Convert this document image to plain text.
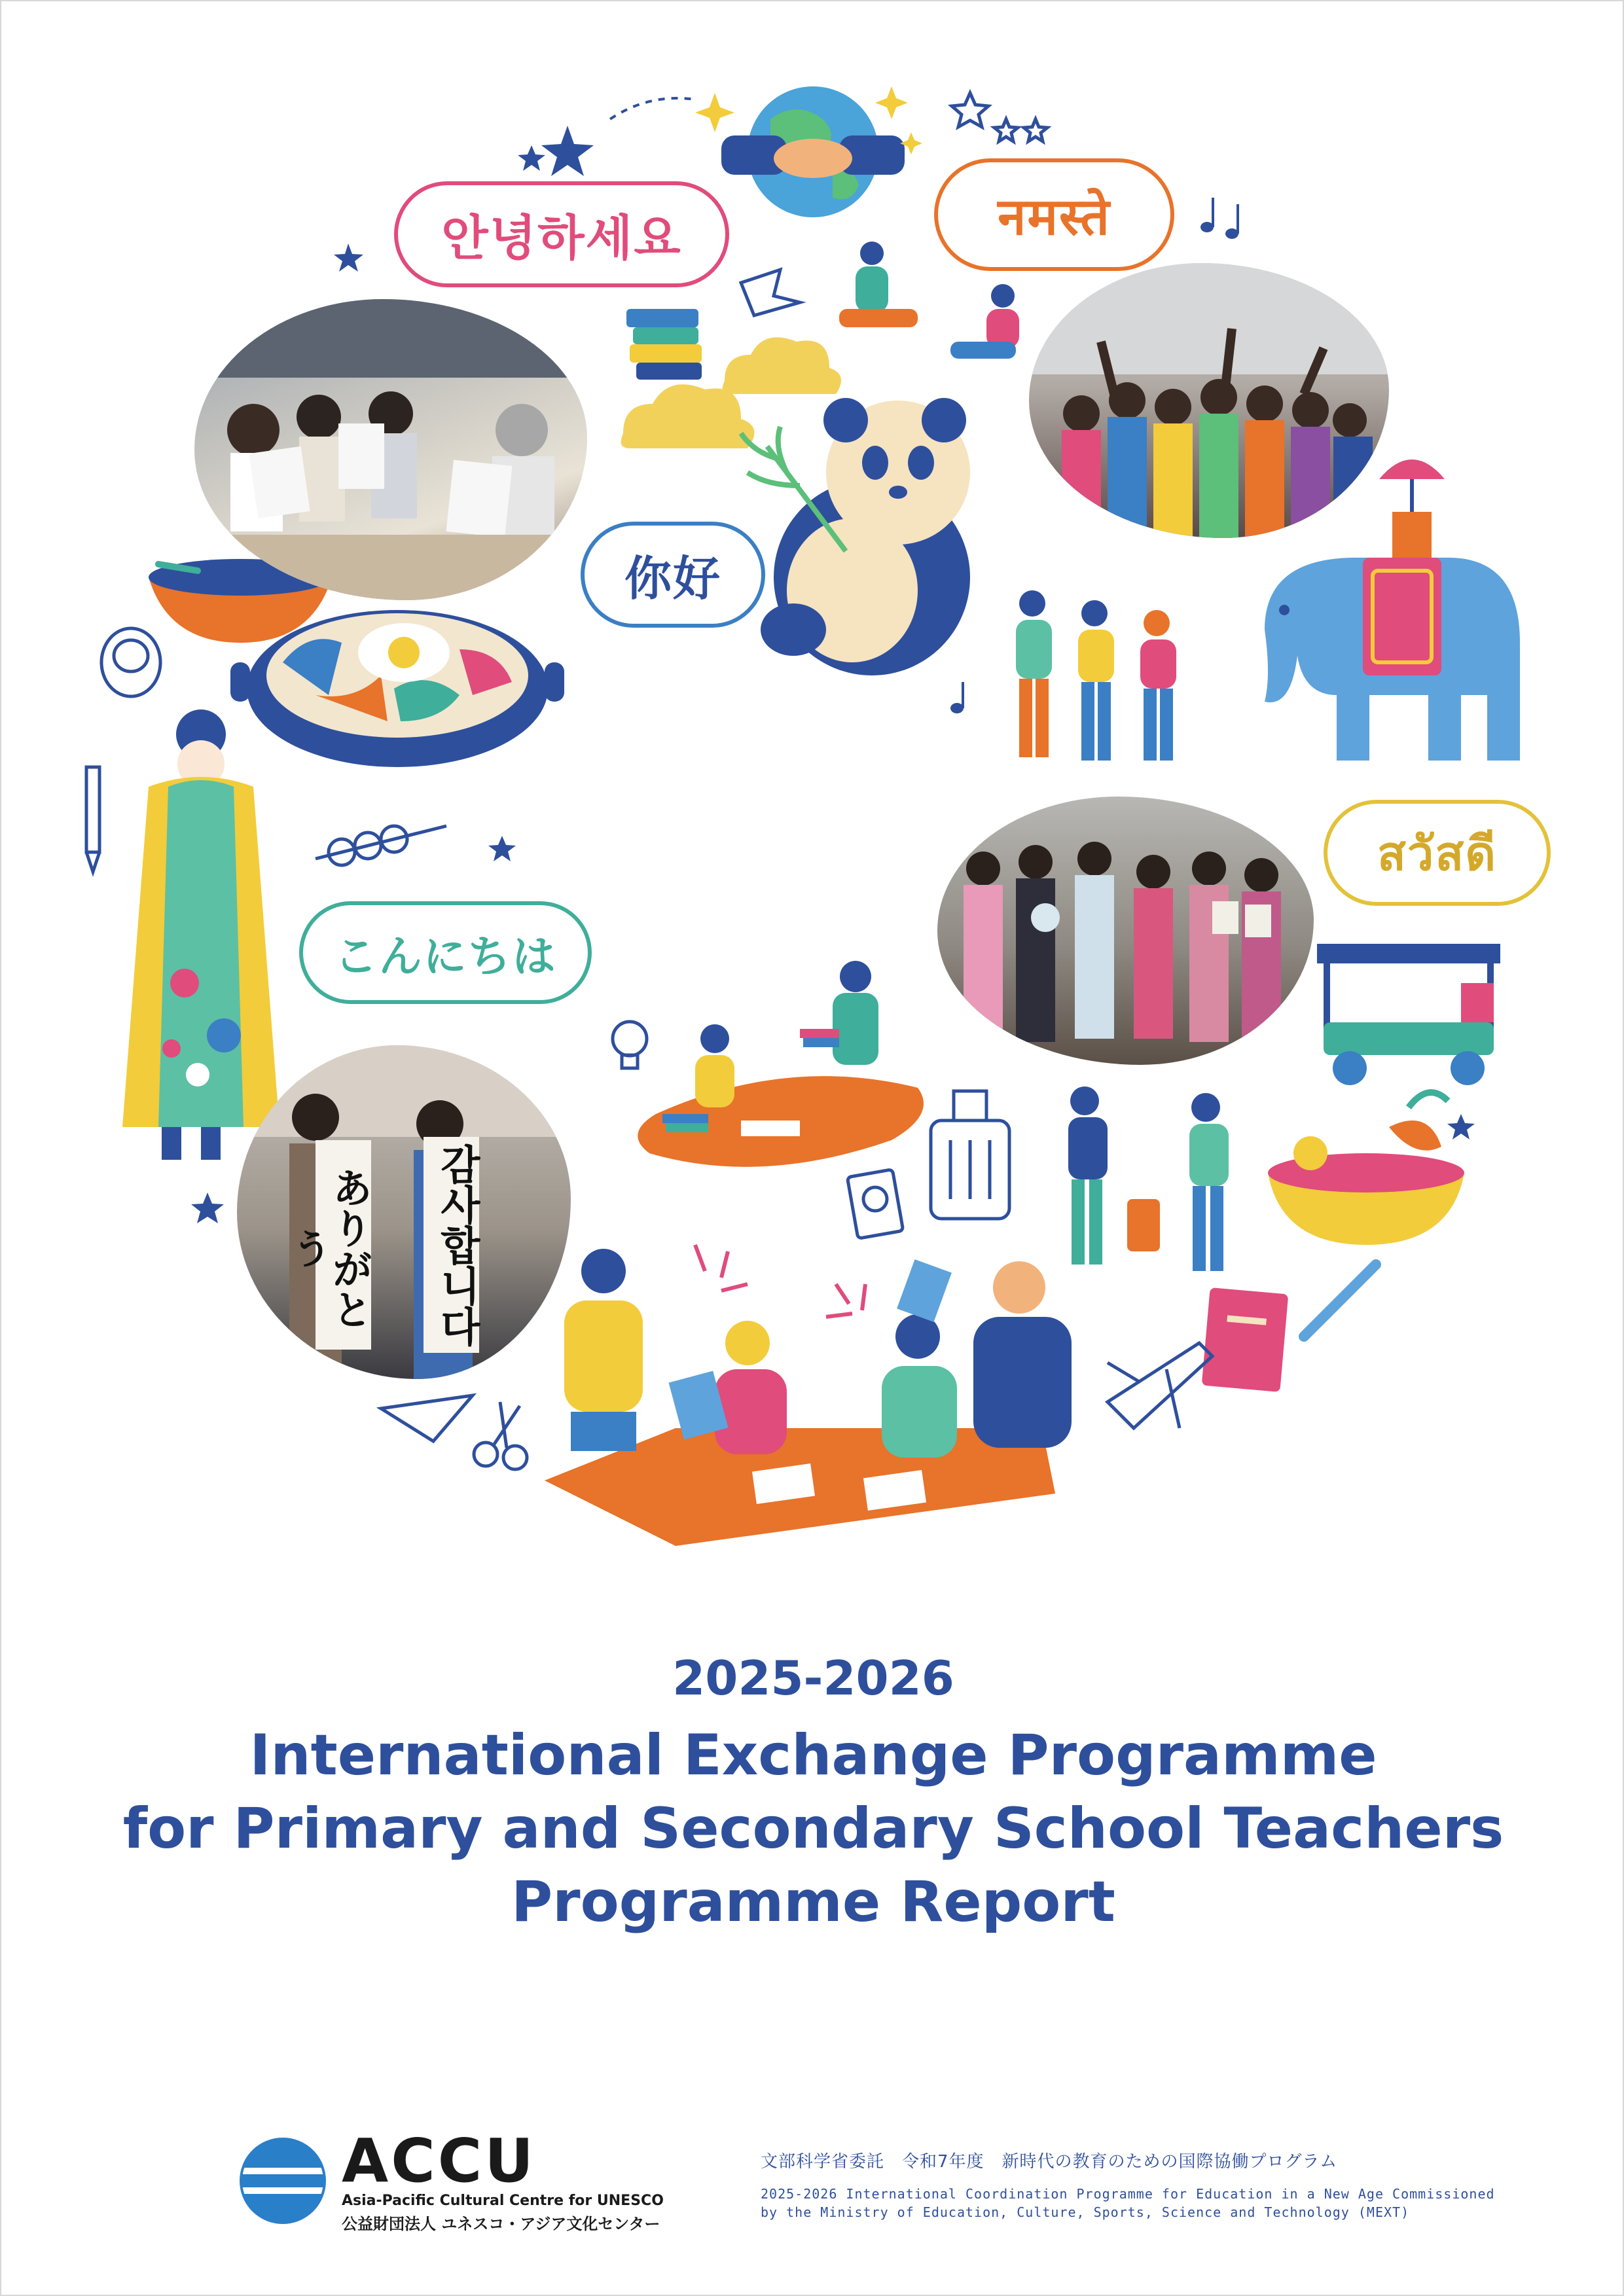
안녕하세요	नमस्ते
你好
こんにちは
สวัสดี
ありがとう	감사합니다
2025-2026
International Exchange Programme
for Primary and Secondary School Teachers
Programme Report
ACCU
Asia-Pacific Cultural Centre for UNESCO
公益財団法人 ユネスコ・アジア文化センター
文部科学省委託　令和7年度　新時代の教育のための国際協働プログラム
2025-2026 International Coordination Programme for Education in a New Age Commissioned
by the Ministry of Education, Culture, Sports, Science and Technology (MEXT)
